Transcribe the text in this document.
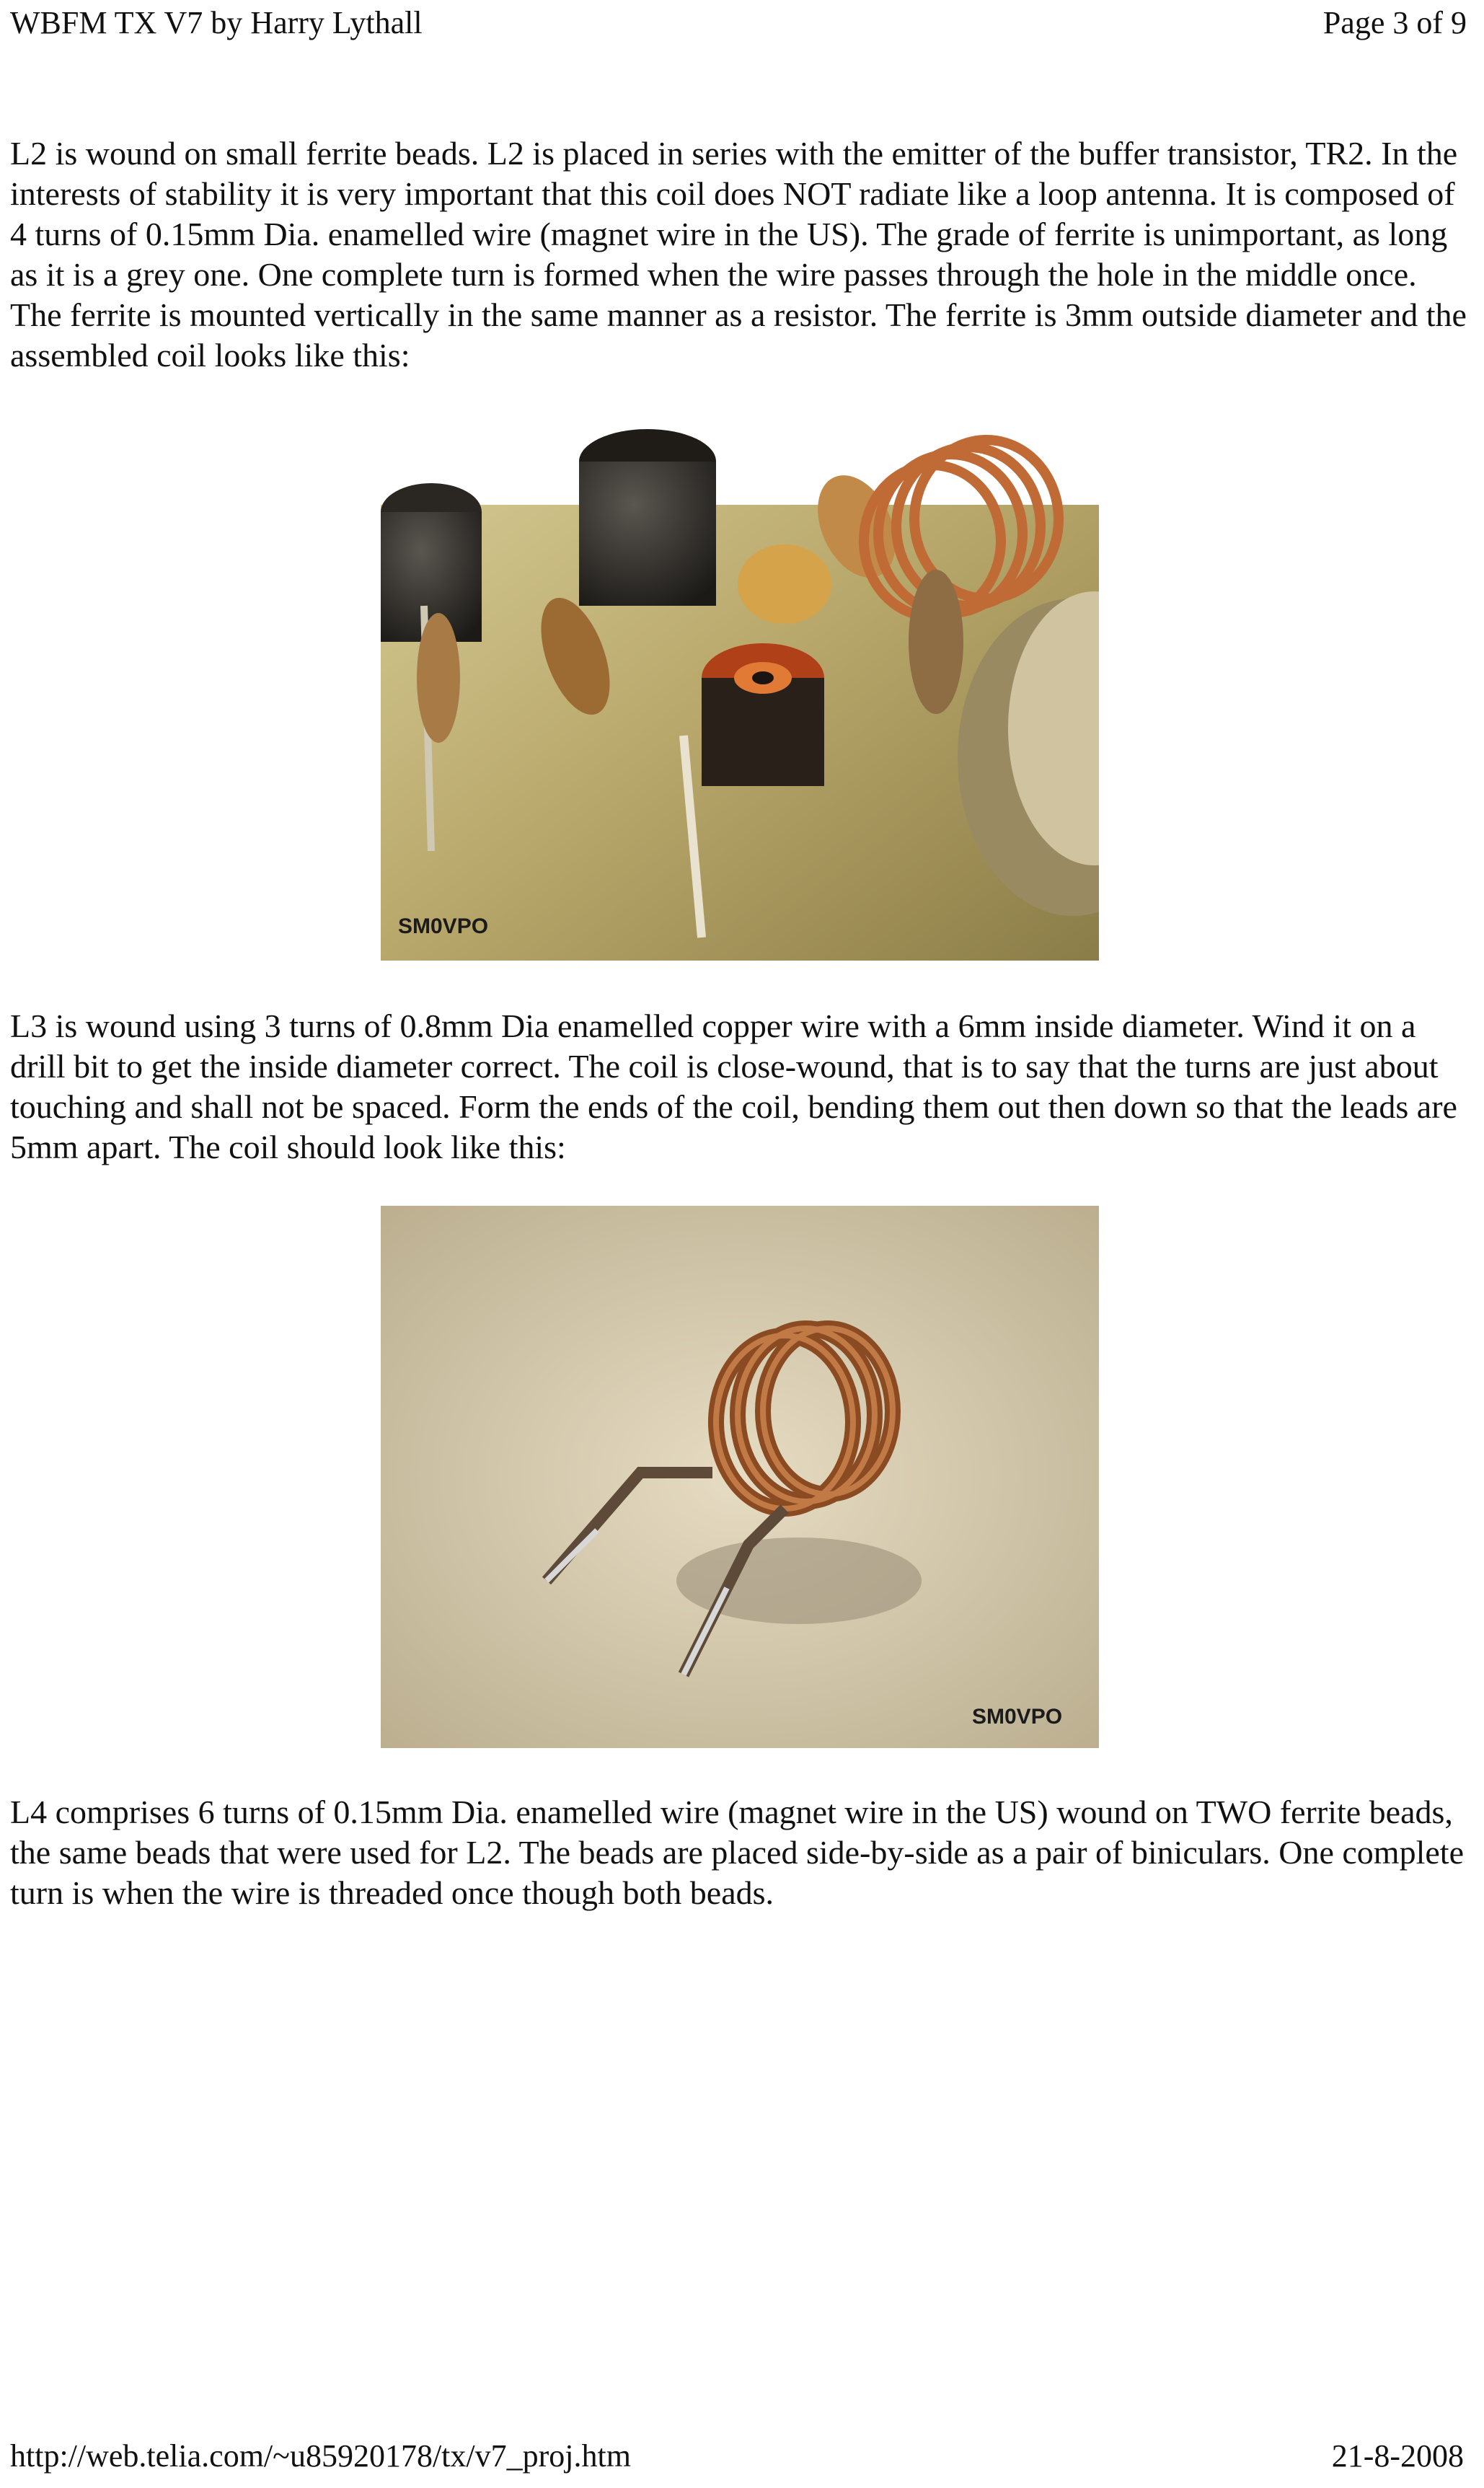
WBFM TX V7 by Harry Lythall	Page 3 of 9

L2 is wound on small ferrite beads. L2 is placed in series with the emitter of the buffer transistor, TR2. In the interests of stability it is very important that this coil does NOT radiate like a loop antenna. It is composed of 4 turns of 0.15mm Dia. enamelled wire (magnet wire in the US). The grade of ferrite is unimportant, as long as it is a grey one. One complete turn is formed when the wire passes through the hole in the middle once. The ferrite is mounted vertically in the same manner as a resistor. The ferrite is 3mm outside diameter and the assembled coil looks like this:

SM0VPO

L3 is wound using 3 turns of 0.8mm Dia enamelled copper wire with a 6mm inside diameter. Wind it on a drill bit to get the inside diameter correct. The coil is close-wound, that is to say that the turns are just about touching and shall not be spaced. Form the ends of the coil, bending them out then down so that the leads are 5mm apart. The coil should look like this:

SM0VPO

L4 comprises 6 turns of 0.15mm Dia. enamelled wire (magnet wire in the US) wound on TWO ferrite beads, the same beads that were used for L2. The beads are placed side-by-side as a pair of biniculars. One complete turn is when the wire is threaded once though both beads.

http://web.telia.com/~u85920178/tx/v7_proj.htm	21-8-2008
